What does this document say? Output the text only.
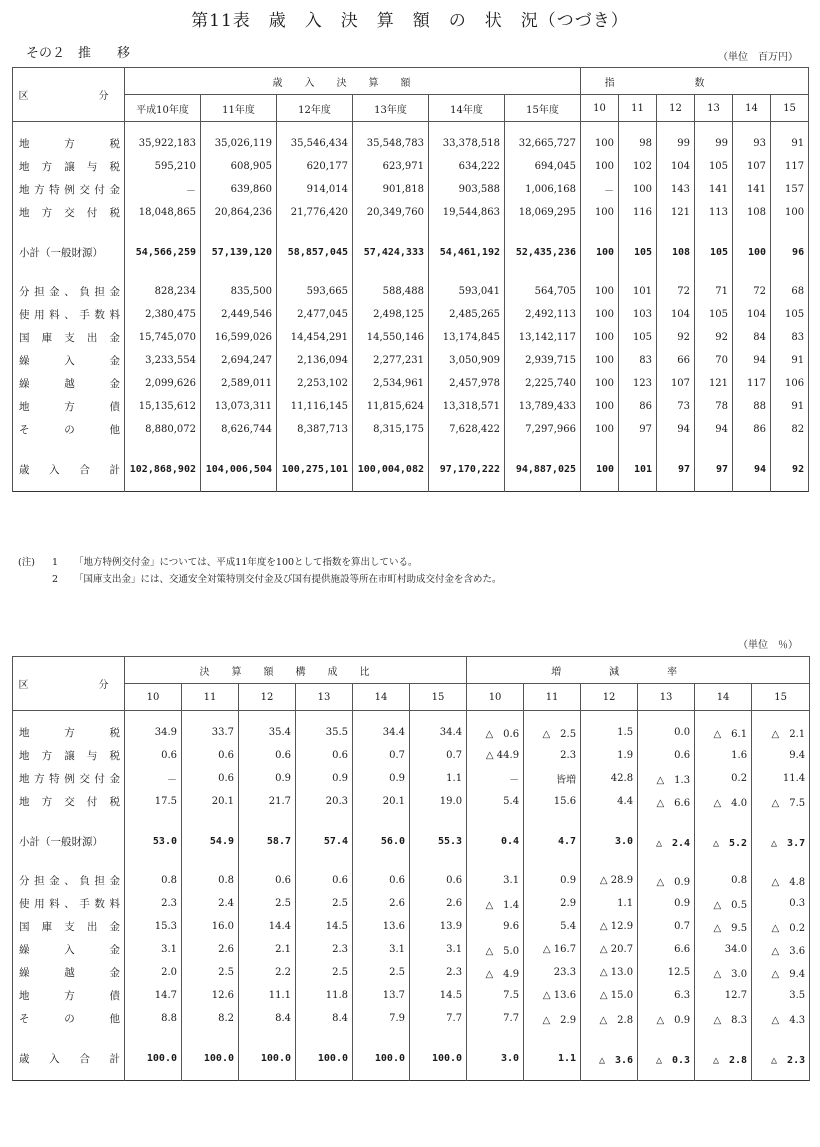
第11表　歳　入　決　算　額　の　状　況（つづき）
その２　推　　移	（単位　百万円）
区　　　分	歳入決算額						指数					
	平成10年度	11年度	12年度	13年度	14年度	15年度	10	11	12	13	14	15

地方税	35,922,183	35,026,119	35,546,434	35,548,783	33,378,518	32,665,727	100	98	99	99	93	91
地方譲与税	595,210	608,905	620,177	623,971	634,222	694,045	100	102	104	105	107	117
地方特例交付金	－	639,860	914,014	901,818	903,588	1,006,168	－	100	143	141	141	157
地方交付税	18,048,865	20,864,236	21,776,420	20,349,760	19,544,863	18,069,295	100	116	121	113	108	100

小計（一般財源）	54,566,259	57,139,120	58,857,045	57,424,333	54,461,192	52,435,236	100	105	108	105	100	96

分担金、負担金	828,234	835,500	593,665	588,488	593,041	564,705	100	101	72	71	72	68
使用料、手数料	2,380,475	2,449,546	2,477,045	2,498,125	2,485,265	2,492,113	100	103	104	105	104	105
国庫支出金	15,745,070	16,599,026	14,454,291	14,550,146	13,174,845	13,142,117	100	105	92	92	84	83
繰入金	3,233,554	2,694,247	2,136,094	2,277,231	3,050,909	2,939,715	100	83	66	70	94	91
繰越金	2,099,626	2,589,011	2,253,102	2,534,961	2,457,978	2,225,740	100	123	107	121	117	106
地方債	15,135,612	13,073,311	11,116,145	11,815,624	13,318,571	13,789,433	100	86	73	78	88	91
その他	8,880,072	8,626,744	8,387,713	8,315,175	7,628,422	7,297,966	100	97	94	94	86	82

歳入合計	102,868,902	104,006,504	100,275,101	100,004,082	97,170,222	94,887,025	100	101	97	97	94	92

(注) 1 「地方特例交付金」については、平成11年度を100として指数を算出している。
2 「国庫支出金」には、交通安全対策特別交付金及び国有提供施設等所在市町村助成交付金を含めた。
（単位　％）
区　　　分	決算額構成比						増減率					
	10	11	12	13	14	15	10	11	12	13	14	15

地方税	34.9	33.7	35.4	35.5	34.4	34.4	△　0.6	△　2.5	1.5	0.0	△　6.1	△　2.1
地方譲与税	0.6	0.6	0.6	0.6	0.7	0.7	△ 44.9	2.3	1.9	0.6	1.6	9.4
地方特例交付金	－	0.6	0.9	0.9	0.9	1.1	－	皆増	42.8	△　1.3	0.2	11.4
地方交付税	17.5	20.1	21.7	20.3	20.1	19.0	5.4	15.6	4.4	△　6.6	△　4.0	△　7.5

小計（一般財源）	53.0	54.9	58.7	57.4	56.0	55.3	0.4	4.7	3.0	△　2.4	△　5.2	△　3.7

分担金、負担金	0.8	0.8	0.6	0.6	0.6	0.6	3.1	0.9	△ 28.9	△　0.9	0.8	△　4.8
使用料、手数料	2.3	2.4	2.5	2.5	2.6	2.6	△　1.4	2.9	1.1	0.9	△　0.5	0.3
国庫支出金	15.3	16.0	14.4	14.5	13.6	13.9	9.6	5.4	△ 12.9	0.7	△　9.5	△　0.2
繰入金	3.1	2.6	2.1	2.3	3.1	3.1	△　5.0	△ 16.7	△ 20.7	6.6	34.0	△　3.6
繰越金	2.0	2.5	2.2	2.5	2.5	2.3	△　4.9	23.3	△ 13.0	12.5	△　3.0	△　9.4
地方債	14.7	12.6	11.1	11.8	13.7	14.5	7.5	△ 13.6	△ 15.0	6.3	12.7	3.5
その他	8.8	8.2	8.4	8.4	7.9	7.7	7.7	△　2.9	△　2.8	△　0.9	△　8.3	△　4.3

歳入合計	100.0	100.0	100.0	100.0	100.0	100.0	3.0	1.1	△　3.6	△　0.3	△　2.8	△　2.3
